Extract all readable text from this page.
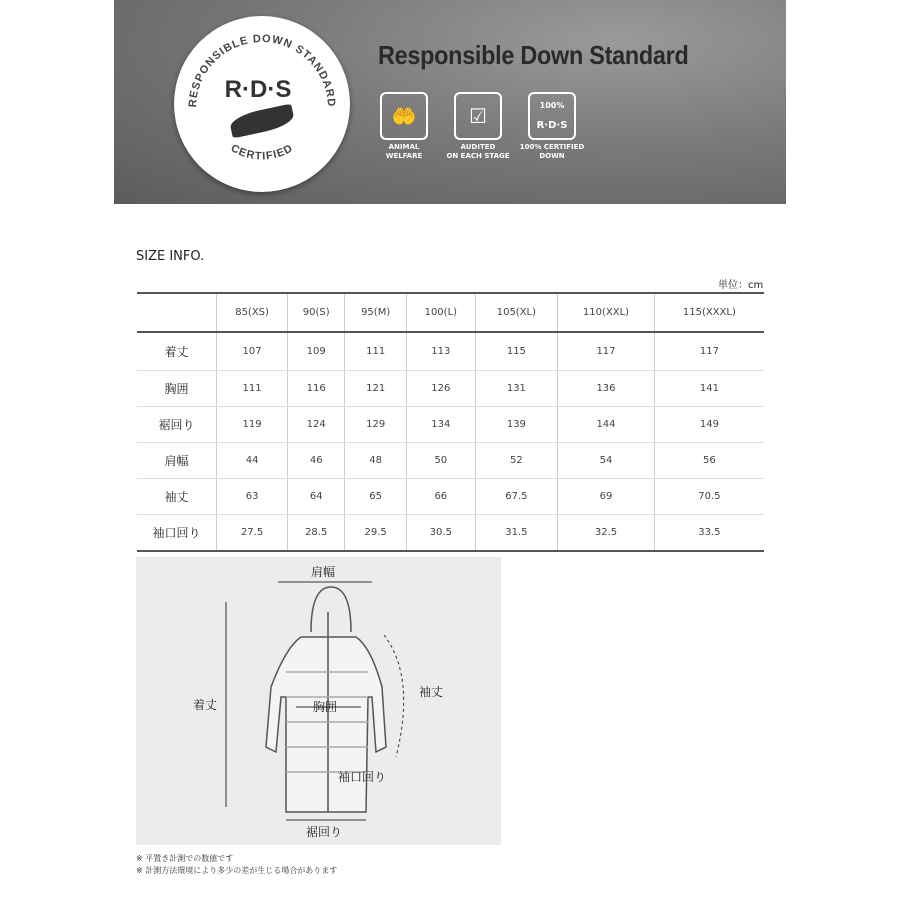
RESPONSIBLE DOWN STANDARD
CERTIFIED
R·D·S
Responsible Down Standard
🤲
ANIMAL
WELFARE
☑
AUDITED
ON EACH STAGE
100%
R·D·S
100% CERTIFIED
DOWN
SIZE INFO.
単位：cm
	85(XS)	90(S)	95(M)	100(L)	105(XL)	110(XXL)	115(XXXL)
着丈	107	109	111	113	115	117	117
胸囲	111	116	121	126	131	136	141
裾回り	119	124	129	134	139	144	149
肩幅	44	46	48	50	52	54	56
袖丈	63	64	65	66	67.5	69	70.5
袖口回り	27.5	28.5	29.5	30.5	31.5	32.5	33.5
肩幅
着丈	胸囲
袖丈
袖口回り
裾回り
※ 平置き計測での数値です
※ 計測方法環境により多少の差が生じる場合があります
